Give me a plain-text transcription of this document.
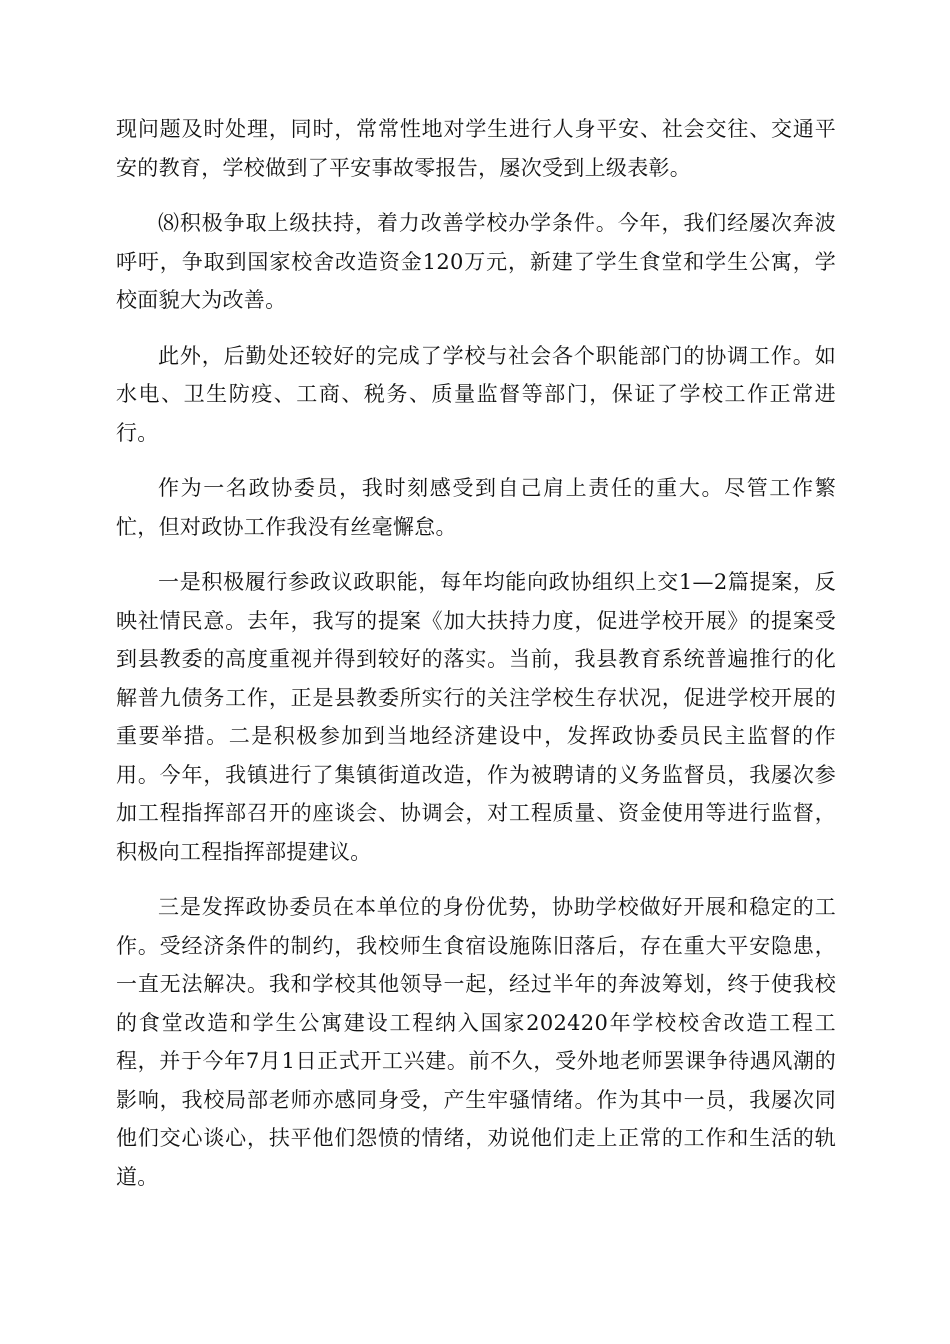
现问题及时处理，同时，常常性地对学生进行人身平安、社会交往、交通平安的教育，学校做到了平安事故零报告，屡次受到上级表彰。

⑻积极争取上级扶持，着力改善学校办学条件。今年，我们经屡次奔波呼吁，争取到国家校舍改造资金120万元，新建了学生食堂和学生公寓，学校面貌大为改善。

此外，后勤处还较好的完成了学校与社会各个职能部门的协调工作。如水电、卫生防疫、工商、税务、质量监督等部门，保证了学校工作正常进行。

作为一名政协委员，我时刻感受到自己肩上责任的重大。尽管工作繁忙，但对政协工作我没有丝毫懈怠。

一是积极履行参政议政职能，每年均能向政协组织上交1—2篇提案，反映社情民意。去年，我写的提案《加大扶持力度，促进学校开展》的提案受到县教委的高度重视并得到较好的落实。当前，我县教育系统普遍推行的化解普九债务工作，正是县教委所实行的关注学校生存状况，促进学校开展的重要举措。二是积极参加到当地经济建设中，发挥政协委员民主监督的作用。今年，我镇进行了集镇街道改造，作为被聘请的义务监督员，我屡次参加工程指挥部召开的座谈会、协调会，对工程质量、资金使用等进行监督，积极向工程指挥部提建议。

三是发挥政协委员在本单位的身份优势，协助学校做好开展和稳定的工作。受经济条件的制约，我校师生食宿设施陈旧落后，存在重大平安隐患，一直无法解决。我和学校其他领导一起，经过半年的奔波筹划，终于使我校的食堂改造和学生公寓建设工程纳入国家202420年学校校舍改造工程工程，并于今年7月1日正式开工兴建。前不久，受外地老师罢课争待遇风潮的影响，我校局部老师亦感同身受，产生牢骚情绪。作为其中一员，我屡次同他们交心谈心，扶平他们怨愤的情绪，劝说他们走上正常的工作和生活的轨道。
